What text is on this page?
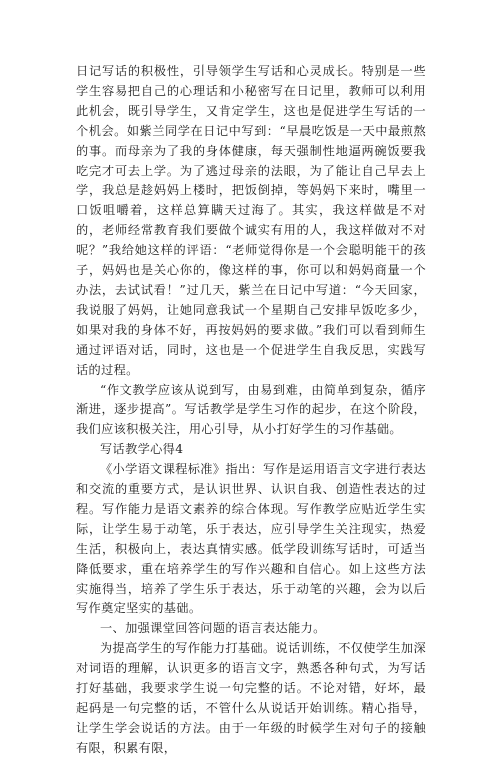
日记写话的积极性，引导领学生写话和心灵成长。特别是一些学生容易把自己的心理话和小秘密写在日记里，教师可以利用此机会，既引导学生，又肯定学生，这也是促进学生写话的一个机会。如紫兰同学在日记中写到：“早晨吃饭是一天中最煎熬的事。而母亲为了我的身体健康，每天强制性地逼两碗饭要我吃完才可去上学。为了逃过母亲的法眼，为了能让自己早去上学，我总是趁妈妈上楼时，把饭倒掉，等妈妈下来时，嘴里一口饭咀嚼着，这样总算瞒天过海了。其实，我这样做是不对的，老师经常教育我们要做个诚实有用的人，我这样做对不对呢？”我给她这样的评语：“老师觉得你是一个会聪明能干的孩子，妈妈也是关心你的，像这样的事，你可以和妈妈商量一个办法，去试试看！”过几天，紫兰在日记中写道：“今天回家，我说服了妈妈，让她同意我试一个星期自己安排早饭吃多少，如果对我的身体不好，再按妈妈的要求做。”我们可以看到师生通过评语对话，同时，这也是一个促进学生自我反思，实践写话的过程。

“作文教学应该从说到写，由易到难，由简单到复杂，循序渐进，逐步提高”。写话教学是学生习作的起步，在这个阶段，我们应该积极关注，用心引导，从小打好学生的习作基础。

写话教学心得4

《小学语文课程标准》指出：写作是运用语言文字进行表达和交流的重要方式，是认识世界、认识自我、创造性表达的过程。写作能力是语文素养的综合体现。写作教学应贴近学生实际，让学生易于动笔，乐于表达，应引导学生关注现实，热爱生活，积极向上，表达真情实感。低学段训练写话时，可适当降低要求，重在培养学生的写作兴趣和自信心。如上这些方法实施得当，培养了学生乐于表达，乐于动笔的兴趣，会为以后写作奠定坚实的基础。

一、加强课堂回答问题的语言表达能力。

为提高学生的写作能力打基础。说话训练，不仅使学生加深对词语的理解，认识更多的语言文字，熟悉各种句式，为写话打好基础，我要求学生说一句完整的话。不论对错，好坏，最起码是一句完整的话，不管什么从说话开始训练。精心指导，让学生学会说话的方法。由于一年级的时候学生对句子的接触有限，积累有限，
